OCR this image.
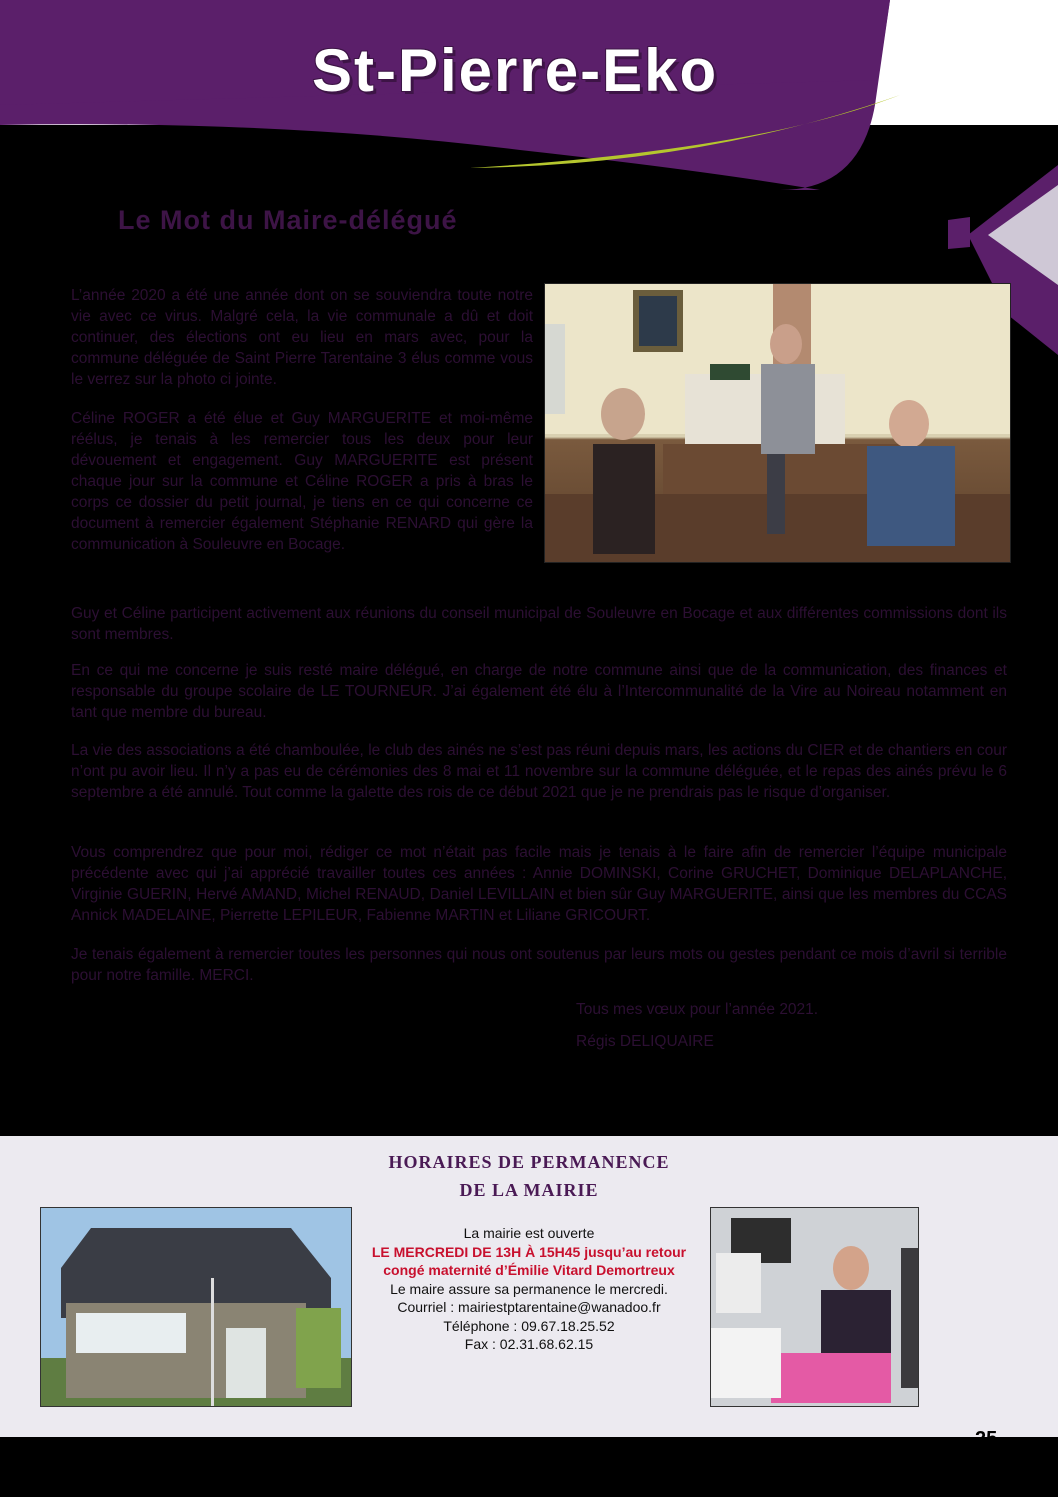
St-Pierre-Eko
Le Mot du Maire-délégué

L’année 2020 a été une année dont on se souviendra toute notre vie avec ce virus. Malgré cela, la vie communale a dû et doit continuer, des élections ont eu lieu en mars avec, pour la commune déléguée de Saint Pierre Tarentaine 3 élus comme vous le verrez sur la photo ci jointe.

Céline ROGER a été élue et Guy MARGUERITE et moi-même réélus, je tenais à les remercier tous les deux pour leur dévouement et engagement. Guy MARGUERITE est présent chaque jour sur la commune et Céline ROGER a pris à bras le corps ce dossier du petit journal, je tiens en ce qui concerne ce document à remercier également Stéphanie RENARD qui gère la communication à Souleuvre en Bocage.

Guy et Céline participent activement aux réunions du conseil municipal de Souleuvre en Bocage et aux différentes commissions dont ils sont membres.

En ce qui me concerne je suis resté maire délégué, en charge de notre commune ainsi que de la communication, des finances et responsable du groupe scolaire de LE TOURNEUR. J’ai également été élu à l’Intercommunalité de la Vire au Noireau notamment en tant que membre du bureau.

La vie des associations a été chamboulée, le club des ainés ne s’est pas réuni depuis mars, les actions du CIER et de chantiers en cour n’ont pu avoir lieu. Il n’y a pas eu de cérémonies des 8 mai et 11 novembre sur la commune déléguée, et le repas des ainés prévu le 6 septembre a été annulé. Tout comme la galette des rois de ce début 2021 que je ne prendrais pas le risque d’organiser.

Vous comprendrez que pour moi, rédiger ce mot n’était pas facile mais je tenais à le faire afin de remercier l’équipe municipale précédente avec qui j’ai apprécié travailler toutes ces années : Annie DOMINSKI, Corine GRUCHET, Dominique DELAPLANCHE, Virginie GUERIN, Hervé AMAND, Michel RENAUD, Daniel LEVILLAIN et bien sûr Guy MARGUERITE, ainsi que les membres du CCAS Annick MADELAINE, Pierrette LEPILEUR, Fabienne MARTIN et Liliane GRICOURT.

Je tenais également à remercier toutes les personnes qui nous ont soutenus par leurs mots ou gestes pendant ce mois d’avril si terrible pour notre famille. MERCI.

Tous mes vœux pour l’année 2021.
Régis DELIQUAIRE
HORAIRES DE PERMANENCE
DE LA MAIRIE
La mairie est ouverte
LE MERCREDI DE 13H À 15H45 jusqu’au retour
congé maternité d’Émilie Vitard Demortreux
Le maire assure sa permanence le mercredi.
Courriel : mairiestptarentaine@wanadoo.fr
Téléphone : 09.67.18.25.52
Fax : 02.31.68.62.15
25
